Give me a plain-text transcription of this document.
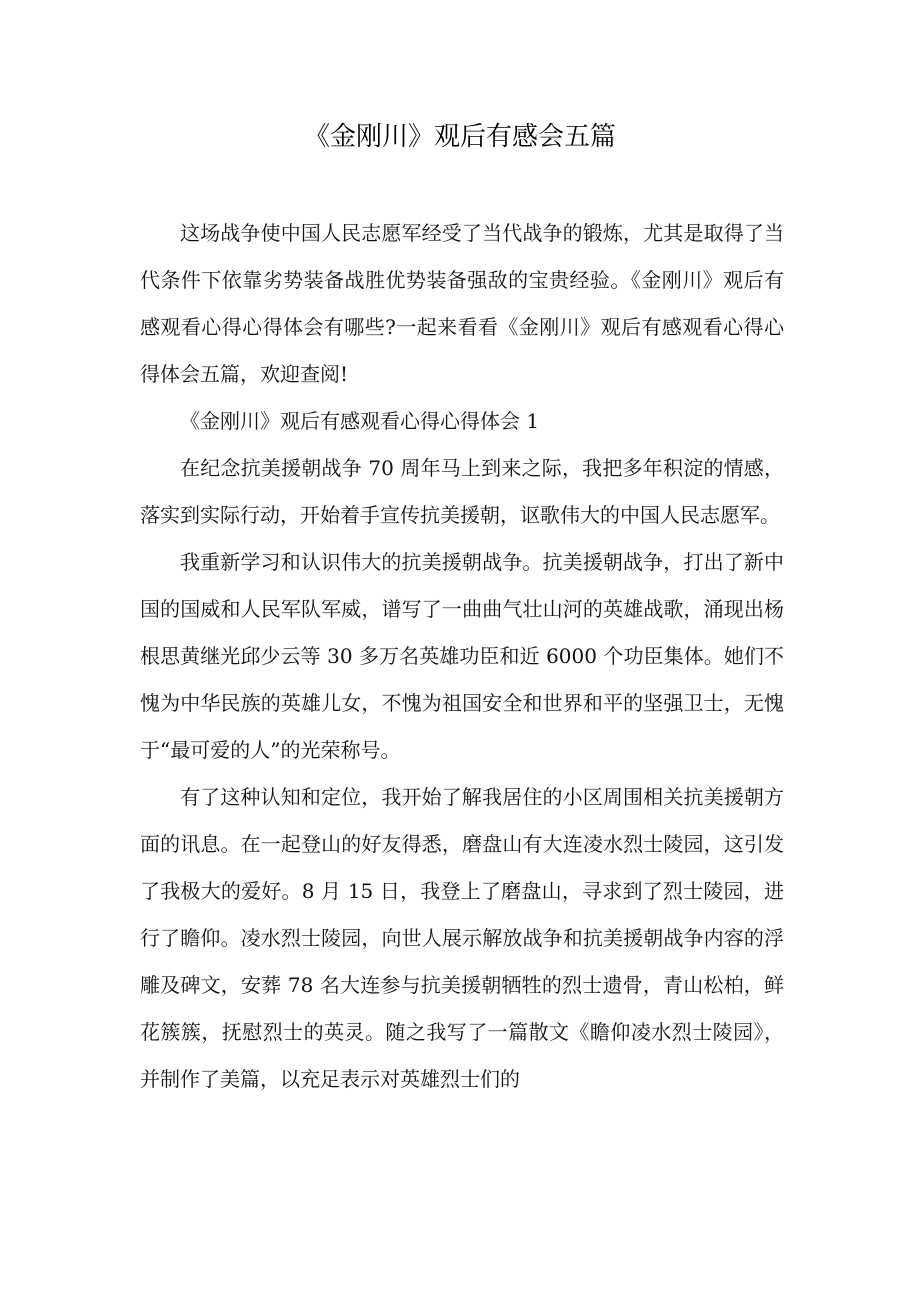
《金刚川》观后有感会五篇

这场战争使中国人民志愿军经受了当代战争的锻炼，尤其是取得了当代条件下依靠劣势装备战胜优势装备强敌的宝贵经验。《金刚川》观后有感观看心得心得体会有哪些?一起来看看《金刚川》观后有感观看心得心得体会五篇，欢迎查阅!

《金刚川》观后有感观看心得心得体会 1

在纪念抗美援朝战争 70 周年马上到来之际，我把多年积淀的情感，落实到实际行动，开始着手宣传抗美援朝，讴歌伟大的中国人民志愿军。

我重新学习和认识伟大的抗美援朝战争。抗美援朝战争，打出了新中国的国威和人民军队军威，谱写了一曲曲气壮山河的英雄战歌，涌现出杨根思黄继光邱少云等 30 多万名英雄功臣和近 6000 个功臣集体。她们不愧为中华民族的英雄儿女，不愧为祖国安全和世界和平的坚强卫士，无愧于“最可爱的人”的光荣称号。

有了这种认知和定位，我开始了解我居住的小区周围相关抗美援朝方面的讯息。在一起登山的好友得悉，磨盘山有大连凌水烈士陵园，这引发了我极大的爱好。8 月 15 日，我登上了磨盘山，寻求到了烈士陵园，进行了瞻仰。凌水烈士陵园，向世人展示解放战争和抗美援朝战争内容的浮雕及碑文，安葬 78 名大连参与抗美援朝牺牲的烈士遗骨，青山松柏，鲜花簇簇，抚慰烈士的英灵。随之我写了一篇散文《瞻仰凌水烈士陵园》，并制作了美篇，以充足表示对英雄烈士们的
